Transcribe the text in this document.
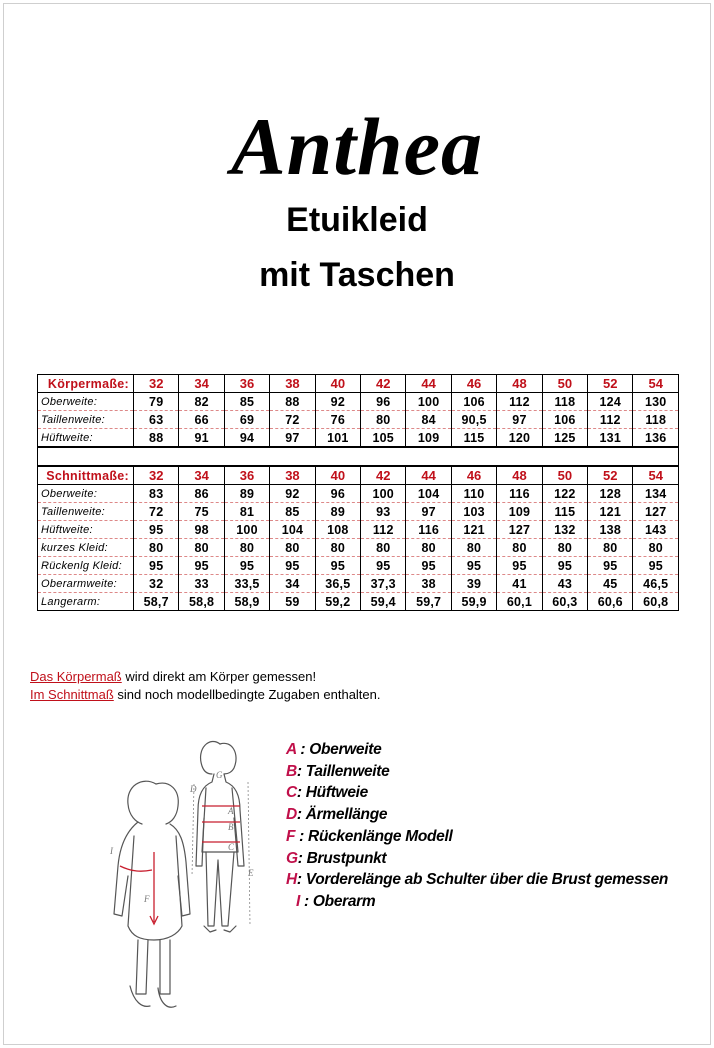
Anthea
Etuikleid
mit Taschen
Körpermaße:	32	34	36	38	40	42	44	46	48	50	52	54
Oberweite:	79	82	85	88	92	96	100	106	112	118	124	130
Taillenweite:	63	66	69	72	76	80	84	90,5	97	106	112	118
Hüftweite:	88	91	94	97	101	105	109	115	120	125	131	136
Schnittmaße:	32	34	36	38	40	42	44	46	48	50	52	54
Oberweite:	83	86	89	92	96	100	104	110	116	122	128	134
Taillenweite:	72	75	81	85	89	93	97	103	109	115	121	127
Hüftweite:	95	98	100	104	108	112	116	121	127	132	138	143
kurzes Kleid:	80	80	80	80	80	80	80	80	80	80	80	80
Rückenlg Kleid:	95	95	95	95	95	95	95	95	95	95	95	95
Oberarmweite:	32	33	33,5	34	36,5	37,3	38	39	41	43	45	46,5
Langerarm:	58,7	58,8	58,9	59	59,2	59,4	59,7	59,9	60,1	60,3	60,6	60,8
Das Körpermaß wird direkt am Körper gemessen!
Im Schnittmaß sind noch modellbedingte Zugaben enthalten.
F
I
D
G
E
A
B
C
A : Oberweite
B: Taillenweite
C: Hüftweie
D: Ärmellänge
F : Rückenlänge Modell
G: Brustpunkt
H: Vorderelänge ab Schulter über die Brust gemessen
I : Oberarm
